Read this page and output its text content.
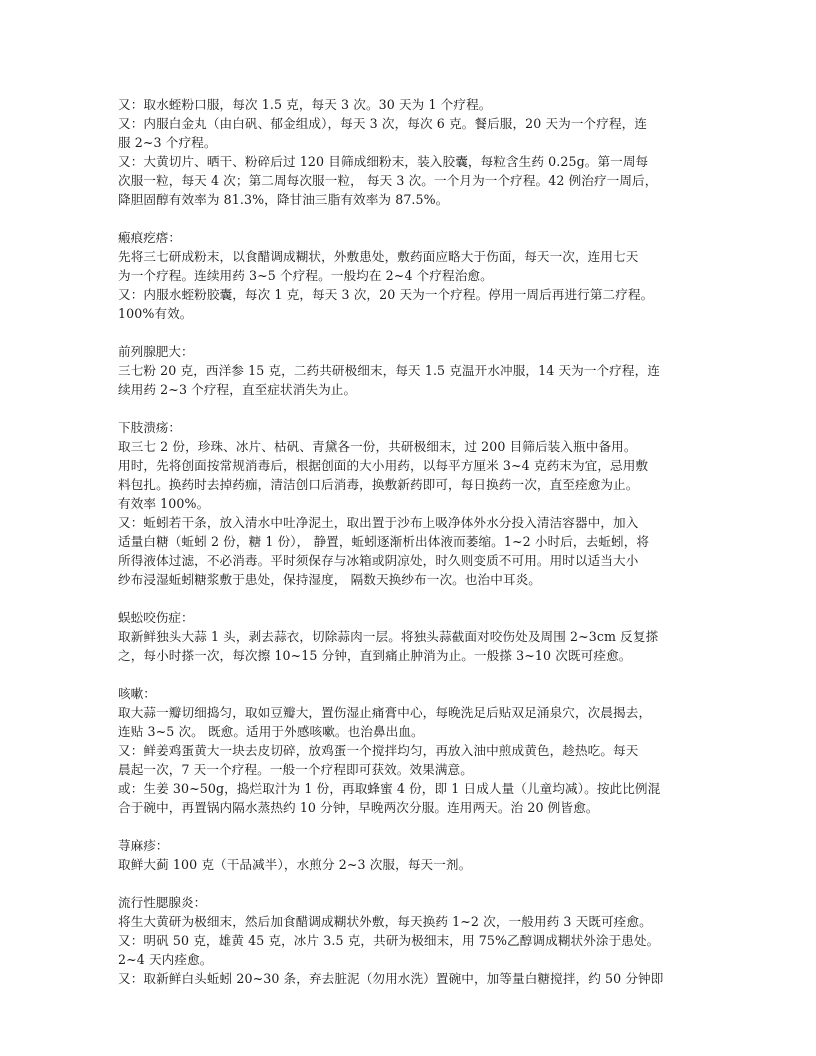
又：取水蛭粉口服，每次 1.5 克，每天 3 次。30 天为 1 个疗程。
又：内服白金丸（由白矾、郁金组成），每天 3 次，每次 6 克。餐后服，20 天为一个疗程，连
服 2~3 个疗程。
又：大黄切片、晒干、粉碎后过 120 目筛成细粉末，装入胶囊，每粒含生药 0.25g。第一周每
次服一粒，每天 4 次；第二周每次服一粒， 每天 3 次。一个月为一个疗程。42 例治疗一周后，
降胆固醇有效率为 81.3%，降甘油三脂有效率为 87.5%。
瘢痕疙瘩：
先将三七研成粉末，以食醋调成糊状，外敷患处，敷药面应略大于伤面，每天一次，连用七天
为一个疗程。连续用药 3~5 个疗程。一般均在 2~4 个疗程治愈。
又：内服水蛭粉胶囊，每次 1 克，每天 3 次，20 天为一个疗程。停用一周后再进行第二疗程。
100%有效。
前列腺肥大：
三七粉 20 克，西洋参 15 克，二药共研极细末，每天 1.5 克温开水冲服，14 天为一个疗程，连
续用药 2~3 个疗程，直至症状消失为止。
下肢溃疡：
取三七 2 份，珍珠、冰片、枯矾、青黛各一份，共研极细末，过 200 目筛后装入瓶中备用。
用时，先将创面按常规消毒后，根据创面的大小用药，以每平方厘米 3~4 克药末为宜，忌用敷
料包扎。换药时去掉药痂，清洁创口后消毒，换敷新药即可，每日换药一次，直至痊愈为止。
有效率 100%。
又：蚯蚓若干条，放入清水中吐净泥土，取出置于沙布上吸净体外水分投入清洁容器中，加入
适量白糖（蚯蚓 2 份，糖 1 份）， 静置，蚯蚓逐渐析出体液而萎缩。1~2 小时后，去蚯蚓，将
所得液体过滤，不必消毒。平时须保存与冰箱或阴凉处，时久则变质不可用。用时以适当大小
纱布浸湿蚯蚓糖浆敷于患处，保持湿度， 隔数天换纱布一次。也治中耳炎。
蜈蚣咬伤症：
取新鲜独头大蒜 1 头，剥去蒜衣，切除蒜肉一层。将独头蒜截面对咬伤处及周围 2~3cm 反复搽
之，每小时搽一次，每次擦 10~15 分钟，直到痛止肿消为止。一般搽 3~10 次既可痊愈。
咳嗽：
取大蒜一瓣切细捣匀，取如豆瓣大，置伤湿止痛膏中心，每晚洗足后贴双足涌泉穴，次晨揭去，
连贴 3~5 次。 既愈。适用于外感咳嗽。也治鼻出血。
又：鲜姜鸡蛋黄大一块去皮切碎，放鸡蛋一个搅拌均匀，再放入油中煎成黄色，趁热吃。每天
晨起一次，7 天一个疗程。一般一个疗程即可获效。效果满意。
或：生姜 30~50g，捣烂取汁为 1 份，再取蜂蜜 4 份，即 1 日成人量（儿童均减）。按此比例混
合于碗中，再置锅内隔水蒸热约 10 分钟，早晚两次分服。连用两天。治 20 例皆愈。
荨麻疹：
取鲜大蓟 100 克（干品减半），水煎分 2~3 次服，每天一剂。
流行性腮腺炎：
将生大黄研为极细末，然后加食醋调成糊状外敷，每天换药 1~2 次，一般用药 3 天既可痊愈。
又：明矾 50 克，雄黄 45 克，冰片 3.5 克，共研为极细末，用 75%乙醇调成糊状外涂于患处。
2~4 天内痊愈。
又：取新鲜白头蚯蚓 20~30 条，弃去脏泥（勿用水洗）置碗中，加等量白糖搅拌，约 50 分钟即
